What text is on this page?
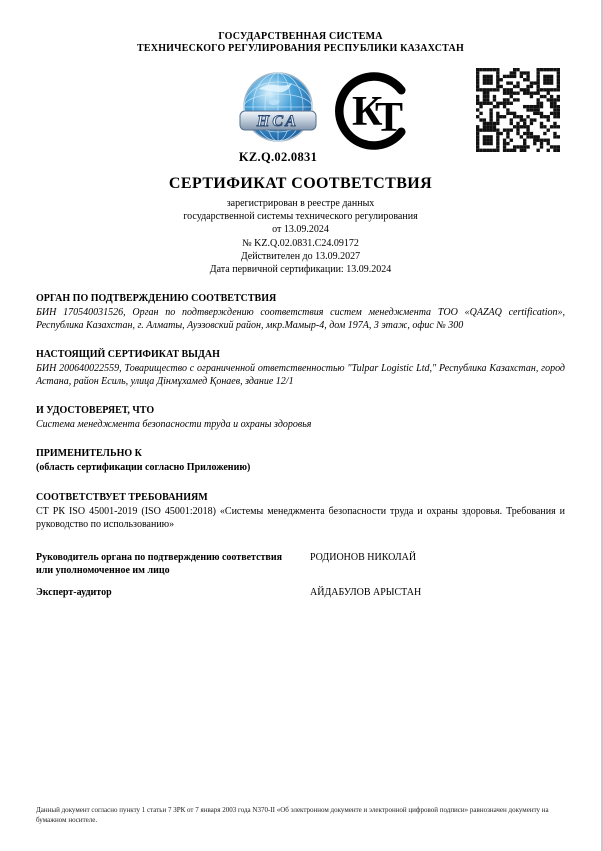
ГОСУДАРСТВЕННАЯ СИСТЕМА
ТЕХНИЧЕСКОГО РЕГУЛИРОВАНИЯ РЕСПУБЛИКИ КАЗАХСТАН
НСА
KZ.Q.02.0831
К
Т
СЕРТИФИКАТ СООТВЕТСТВИЯ
зарегистрирован в реестре данных
государственной системы технического регулирования
от 13.09.2024
№ KZ.Q.02.0831.C24.09172
Действителен до 13.09.2027
Дата первичной сертификации: 13.09.2024
ОРГАН ПО ПОДТВЕРЖДЕНИЮ СООТВЕТСТВИЯ
БИН 170540031526, Орган по подтверждению соответствия систем менеджмента ТОО «QAZAQ certification», Республика Казахстан, г. Алматы, Ауэзовский район, мкр.Мамыр-4, дом 197А, 3 этаж, офис № 300
НАСТОЯЩИЙ СЕРТИФИКАТ ВЫДАН
БИН 200640022559, Товарищество с ограниченной ответственностью "Tulpar Logistic Ltd," Республика Казахстан, город Астана, район Есиль, улица Дінмұхамед Қонаев, здание 12/1
И УДОСТОВЕРЯЕТ, ЧТО
Система менеджмента безопасности труда и охраны здоровья
ПРИМЕНИТЕЛЬНО К
(область сертификации согласно Приложению)
СООТВЕТСТВУЕТ ТРЕБОВАНИЯМ
СТ РК ISO 45001-2019 (ISO 45001:2018) «Системы менеджмента безопасности труда и охраны здоровья. Требования и руководство по использованию»
Руководитель органа по подтверждению соответствия или уполномоченное им лицо
РОДИОНОВ НИКОЛАЙ
Эксперт-аудитор	АЙДАБУЛОВ АРЫСТАН
Данный документ согласно пункту 1 статьи 7 ЗРК от 7 января 2003 года N370-II «Об электронном документе и электронной цифровой подписи» равнозначен документу на бумажном носителе.
